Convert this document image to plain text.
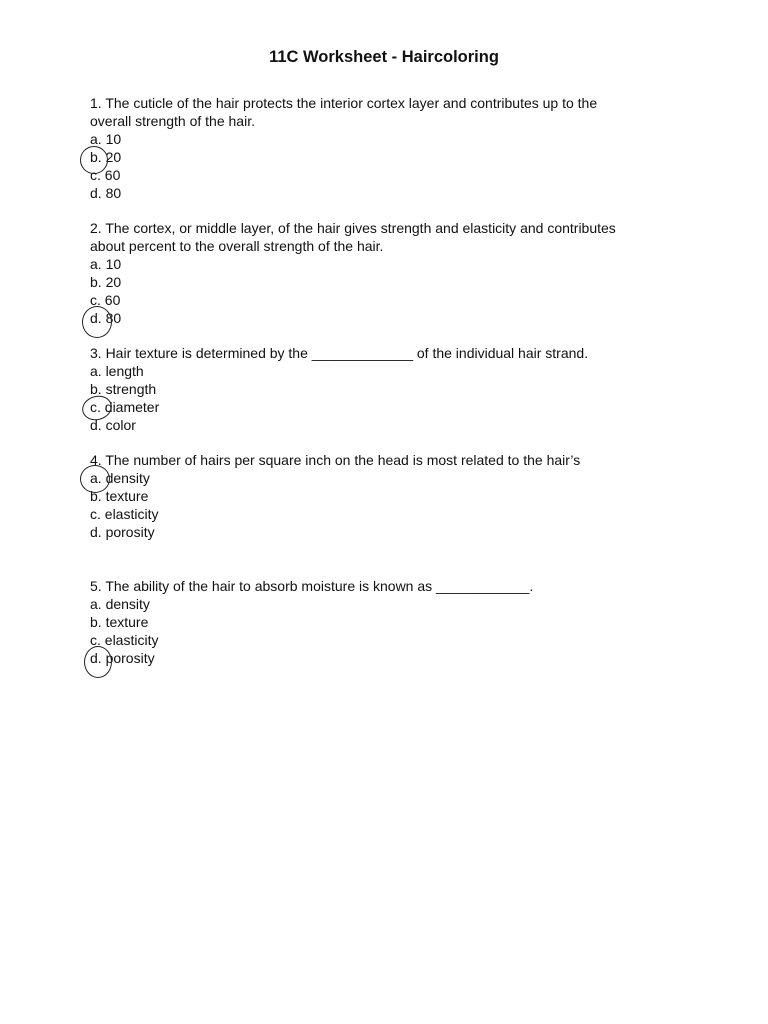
11C Worksheet - Haircoloring
1. The cuticle of the hair protects the interior cortex layer and contributes up to the
overall strength of the hair.
a. 10
b. 20
c. 60
d. 80
2. The cortex, or middle layer, of the hair gives strength and elasticity and contributes
about percent to the overall strength of the hair.
a. 10
b. 20
c. 60
d. 80
3. Hair texture is determined by the _____________ of the individual hair strand.
a. length
b. strength
c. diameter
d. color
4. The number of hairs per square inch on the head is most related to the hair’s
a. density
b. texture
c. elasticity
d. porosity
5. The ability of the hair to absorb moisture is known as ____________.
a. density
b. texture
c. elasticity
d. porosity
